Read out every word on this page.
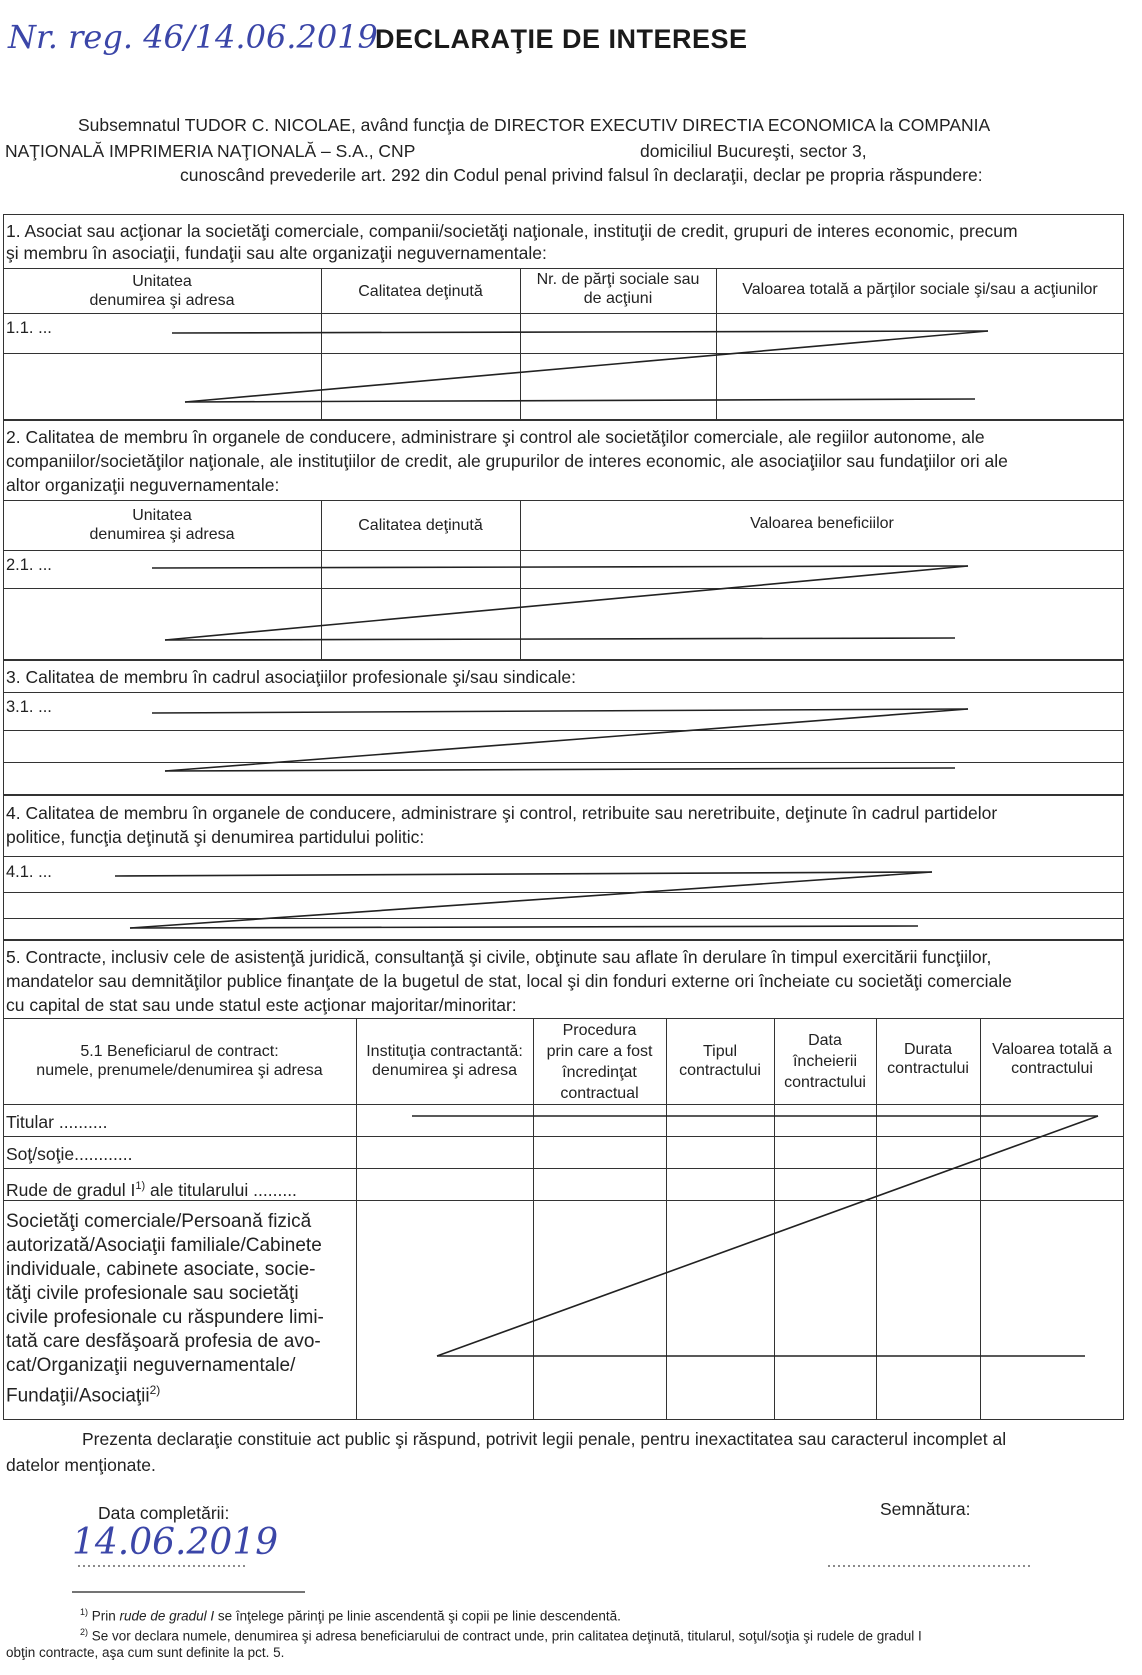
Nr. reg. 46/14.06.2019
DECLARAŢIE DE INTERESE
Subsemnatul TUDOR C. NICOLAE, având funcţia de DIRECTOR EXECUTIV DIRECTIA ECONOMICA la COMPANIA
NAŢIONALĂ IMPRIMERIA NAŢIONALĂ – S.A., CNP	domiciliul Bucureşti, sector 3,
cunoscând prevederile art. 292 din Codul penal privind falsul în declaraţii, declar pe propria răspundere:
1. Asociat sau acţionar la societăţi comerciale, companii/societăţi naţionale, instituţii de credit, grupuri de interes economic, precum
şi membru în asociaţii, fundaţii sau alte organizaţii neguvernamentale:
Unitatea
denumirea şi adresa
Calitatea deţinută
Nr. de părţi sociale sau
de acţiuni
Valoarea totală a părţilor sociale şi/sau a acţiunilor
1.1. ...
2. Calitatea de membru în organele de conducere, administrare şi control ale societăţilor comerciale, ale regiilor autonome, ale
companiilor/societăţilor naţionale, ale instituţiilor de credit, ale grupurilor de interes economic, ale asociaţiilor sau fundaţiilor ori ale
altor organizaţii neguvernamentale:
Unitatea
denumirea şi adresa
Calitatea deţinută	Valoarea beneficiilor
2.1. ...
3. Calitatea de membru în cadrul asociaţiilor profesionale şi/sau sindicale:
3.1. ...
4. Calitatea de membru în organele de conducere, administrare şi control, retribuite sau neretribuite, deţinute în cadrul partidelor
politice, funcţia deţinută şi denumirea partidului politic:
4.1. ...
5. Contracte, inclusiv cele de asistenţă juridică, consultanţă şi civile, obţinute sau aflate în derulare în timpul exercitării funcţiilor,
mandatelor sau demnităţilor publice finanţate de la bugetul de stat, local şi din fonduri externe ori încheiate cu societăţi comerciale
cu capital de stat sau unde statul este acţionar majoritar/minoritar:
5.1 Beneficiarul de contract:
numele, prenumele/denumirea şi adresa
Instituţia contractantă:
denumirea şi adresa
Procedura
prin care a fost
încredinţat
contractual
Tipul
contractului
Data
încheierii
contractului
Durata
contractului
Valoarea totală a
contractului
Titular ..........
Soţ/soţie............
Rude de gradul $I^{1)}$ ale titularului .........
Societăţi comerciale/Persoană fizică
autorizată/Asociaţii familiale/Cabinete
individuale, cabinete asociate, socie-
tăţi civile profesionale sau societăţi
civile profesionale cu răspundere limi-
tată care desfăşoară profesia de avo-
cat/Organizaţii neguvernamentale/
Fundaţii/Asociaţii$^{2)}$
Prezenta declaraţie constituie act public şi răspund, potrivit legii penale, pentru inexactitatea sau caracterul incomplet al
datelor menţionate.
Data completării:
14.06.2019
Semnătura:
$^{1)}$ Prin rude de gradul I se înţelege părinţi pe linie ascendentă şi copii pe linie descendentă.
$^{2)}$ Se vor declara numele, denumirea şi adresa beneficiarului de contract unde, prin calitatea deţinută, titularul, soţul/soţia şi rudele de gradul I
obţin contracte, aşa cum sunt definite la pct. 5.
